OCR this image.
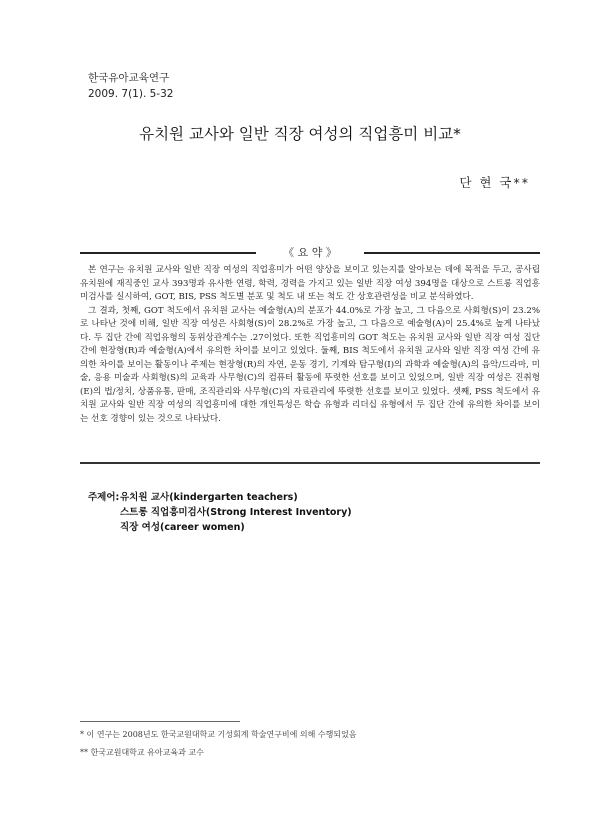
한국유아교육연구
2009. 7(1). 5-32
유치원 교사와 일반 직장 여성의 직업흥미 비교*
단 현 국**
《 요 약 》

본 연구는 유치원 교사와 일반 직장 여성의 직업흥미가 어떤 양상을 보이고 있는지를 알아보는 데에 목적을 두고, 공사립 유치원에 재직중인 교사 393명과 유사한 연령, 학력, 경력을 가지고 있는 일반 직장 여성 394명을 대상으로 스트롱 직업흥미검사를 실시하여, GOT, BIS, PSS 척도별 분포 및 척도 내 또는 척도 간 상호관련성을 비교 분석하였다.

그 결과, 첫째, GOT 척도에서 유치원 교사는 예술형(A)의 분포가 44.0%로 가장 높고, 그 다음으로 사회형(S)이 23.2%로 나타난 것에 비해, 일반 직장 여성은 사회형(S)이 28.2%로 가장 높고, 그 다음으로 예술형(A)이 25.4%로 높게 나타났다. 두 집단 간에 직업유형의 동위상관계수는 .27이었다. 또한 직업흥미의 GOT 척도는 유치원 교사와 일반 직장 여성 집단 간에 현장형(R)과 예술형(A)에서 유의한 차이를 보이고 있었다. 둘째, BIS 척도에서 유치원 교사와 일반 직장 여성 간에 유의한 차이를 보이는 활동이나 주제는 현장형(R)의 자연, 운동 경기, 기계와 탐구형(I)의 과학과 예술형(A)의 음악/드라마, 미술, 응용 미술과 사회형(S)의 교육과 사무형(C)의 컴퓨터 활동에 뚜렷한 선호를 보이고 있었으며, 일반 직장 여성은 진취형(E)의 법/정치, 상품유통, 판매, 조직관리와 사무형(C)의 자료관리에 뚜렷한 선호를 보이고 있었다. 셋째, PSS 척도에서 유치원 교사와 일반 직장 여성의 직업흥미에 대한 개인특성은 학습 유형과 리더십 유형에서 두 집단 간에 유의한 차이를 보이는 선호 경향이 있는 것으로 나타났다.

주제어: 유치원 교사(kindergarten teachers)
스트롱 직업흥미검사(Strong Interest Inventory)
직장 여성(career women)
* 이 연구는 2008년도 한국교원대학교 기성회계 학술연구비에 의해 수행되었음
** 한국교원대학교 유아교육과 교수
